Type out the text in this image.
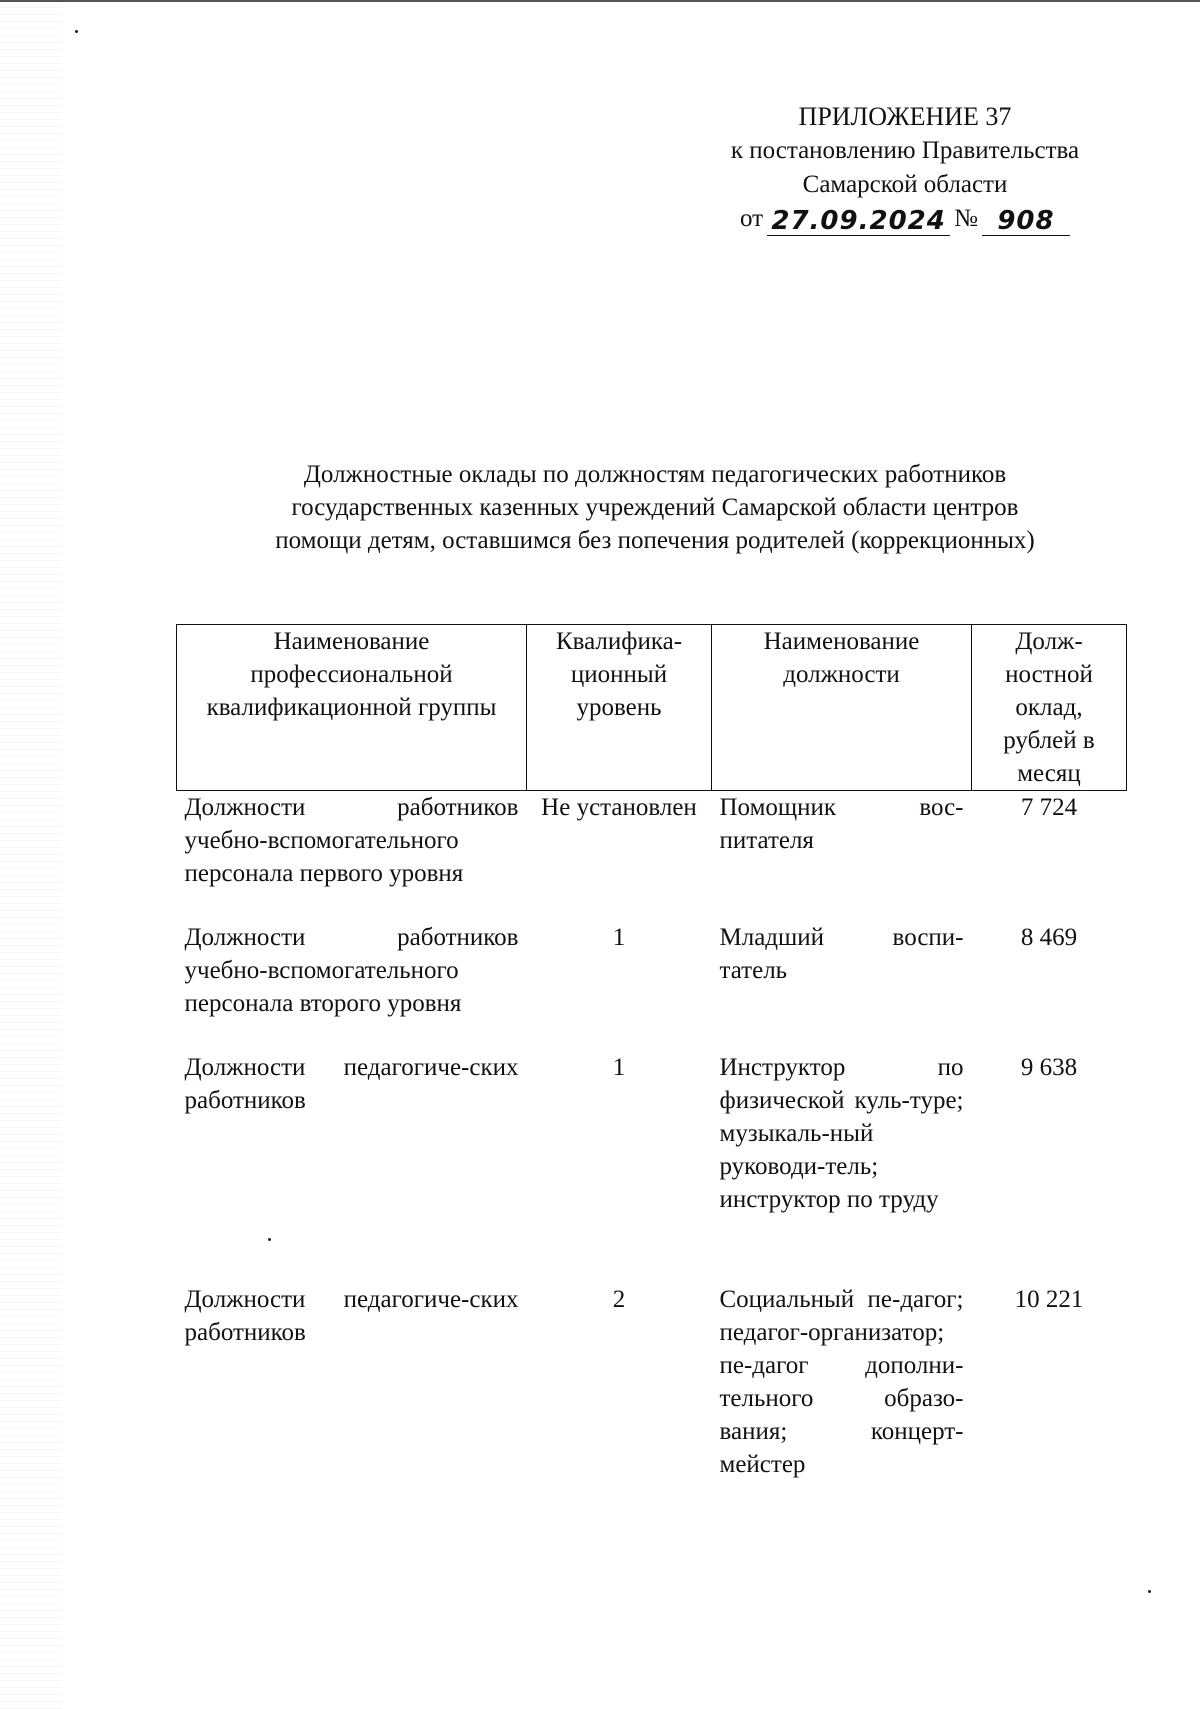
ПРИЛОЖЕНИЕ 37
к постановлению Правительства
Самарской области
от 27.09.2024 № 908
Должностные оклады по должностям педагогических работников
государственных казенных учреждений Самарской области центров
помощи детям, оставшимся без попечения родителей (коррекционных)
Наименование профессиональной квалификационной группы	Квалифика-ционный уровень	Наименование должности	Долж-ностной оклад, рублей в месяц
Должности работников учебно-вспомогательного персонала первого уровня	Не установлен	Помощник вос-питателя	7 724
Должности работников учебно-вспомогательного персонала второго уровня	1	Младший воспи-татель	8 469
Должности педагогиче-ских работников	1	Инструктор по физической куль-туре; музыкаль-ный руководи-тель; инструктор по труду	9 638
Должности педагогиче-ских работников	2	Социальный пе-дагог; педагог-организатор; пе-дагог дополни-тельного образо-вания; концерт-мейстер	10 221
